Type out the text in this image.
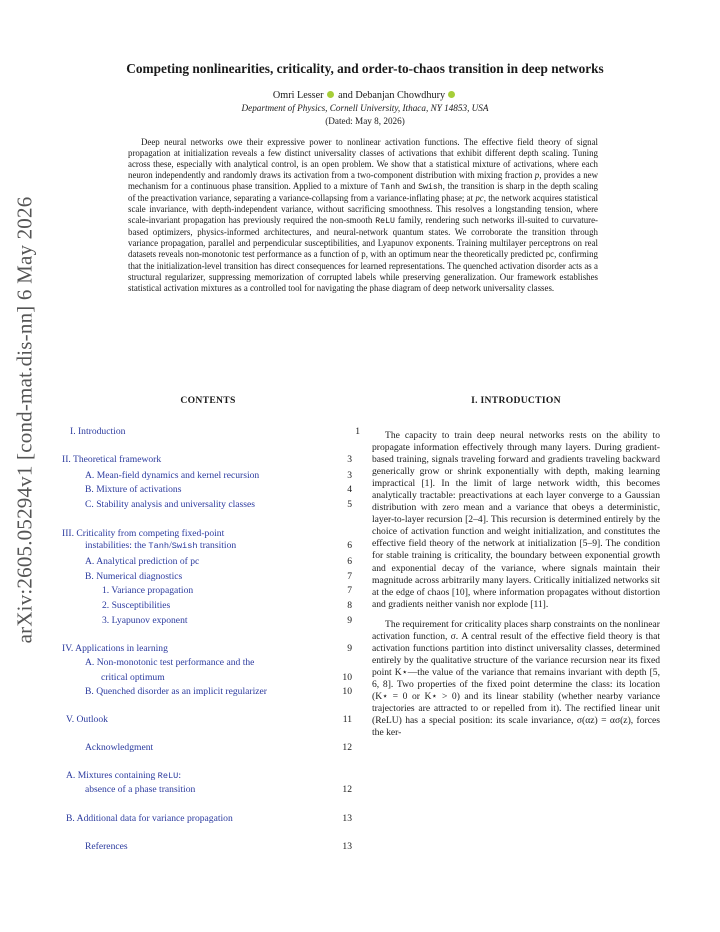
arXiv:2605.05294v1 [cond-mat.dis-nn] 6 May 2026
Competing nonlinearities, criticality, and order-to-chaos transition in deep networks
Omri Lesser and Debanjan Chowdhury
Department of Physics, Cornell University, Ithaca, NY 14853, USA
(Dated: May 8, 2026)

Deep neural networks owe their expressive power to nonlinear activation functions. The effective field theory of signal propagation at initialization reveals a few distinct universality classes of activations that exhibit different depth scaling. Tuning across these, especially with analytical control, is an open problem. We show that a statistical mixture of activations, where each neuron independently and randomly draws its activation from a two-component distribution with mixing fraction p, provides a new mechanism for a continuous phase transition. Applied to a mixture of Tanh and Swish, the transition is sharp in the depth scaling of the preactivation variance, separating a variance-collapsing from a variance-inflating phase; at pc, the network acquires statistical scale invariance, with depth-independent variance, without sacrificing smoothness. This resolves a longstanding tension, where scale-invariant propagation has previously required the non-smooth ReLU family, rendering such networks ill-suited to curvature-based optimizers, physics-informed architectures, and neural-network quantum states. We corroborate the transition through variance propagation, parallel and perpendicular susceptibilities, and Lyapunov exponents. Training multilayer perceptrons on real datasets reveals non-monotonic test performance as a function of p, with an optimum near the theoretically predicted pc, confirming that the initialization-level transition has direct consequences for learned representations. The quenched activation disorder acts as a structural regularizer, suppressing memorization of corrupted labels while preserving generalization. Our framework establishes statistical activation mixtures as a controlled tool for navigating the phase diagram of deep network universality classes.

CONTENTS	I. INTRODUCTION
I. Introduction	1
II. Theoretical framework	3
A. Mean-field dynamics and kernel recursion	3
B. Mixture of activations	4
C. Stability analysis and universality classes	5
III. Criticality from competing fixed-point
instabilities: the Tanh/Swish transition	6
A. Analytical prediction of pc	6
B. Numerical diagnostics	7
1. Variance propagation	7
2. Susceptibilities	8
3. Lyapunov exponent	9
IV. Applications in learning	9
A. Non-monotonic test performance and the
critical optimum	10
B. Quenched disorder as an implicit regularizer	10
V. Outlook	11
Acknowledgment	12
A. Mixtures containing ReLU:
absence of a phase transition	12
B. Additional data for variance propagation	13
References	13

The capacity to train deep neural networks rests on the ability to propagate information effectively through many layers. During gradient-based training, signals traveling forward and gradients traveling backward generically grow or shrink exponentially with depth, making learning impractical [1]. In the limit of large network width, this becomes analytically tractable: preactivations at each layer converge to a Gaussian distribution with zero mean and a variance that obeys a deterministic, layer-to-layer recursion [2–4]. This recursion is determined entirely by the choice of activation function and weight initialization, and constitutes the effective field theory of the network at initialization [5–9]. The condition for stable training is criticality, the boundary between exponential growth and exponential decay of the variance, where signals maintain their magnitude across arbitrarily many layers. Critically initialized networks sit at the edge of chaos [10], where information propagates without distortion and gradients neither vanish nor explode [11].

The requirement for criticality places sharp constraints on the nonlinear activation function, σ. A central result of the effective field theory is that activation functions partition into distinct universality classes, determined entirely by the qualitative structure of the variance recursion near its fixed point K⋆—the value of the variance that remains invariant with depth [5, 6, 8]. Two properties of the fixed point determine the class: its location (K⋆ = 0 or K⋆ > 0) and its linear stability (whether nearby variance trajectories are attracted to or repelled from it). The rectified linear unit (ReLU) has a special position: its scale invariance, σ(αz) = ασ(z), forces the ker-
